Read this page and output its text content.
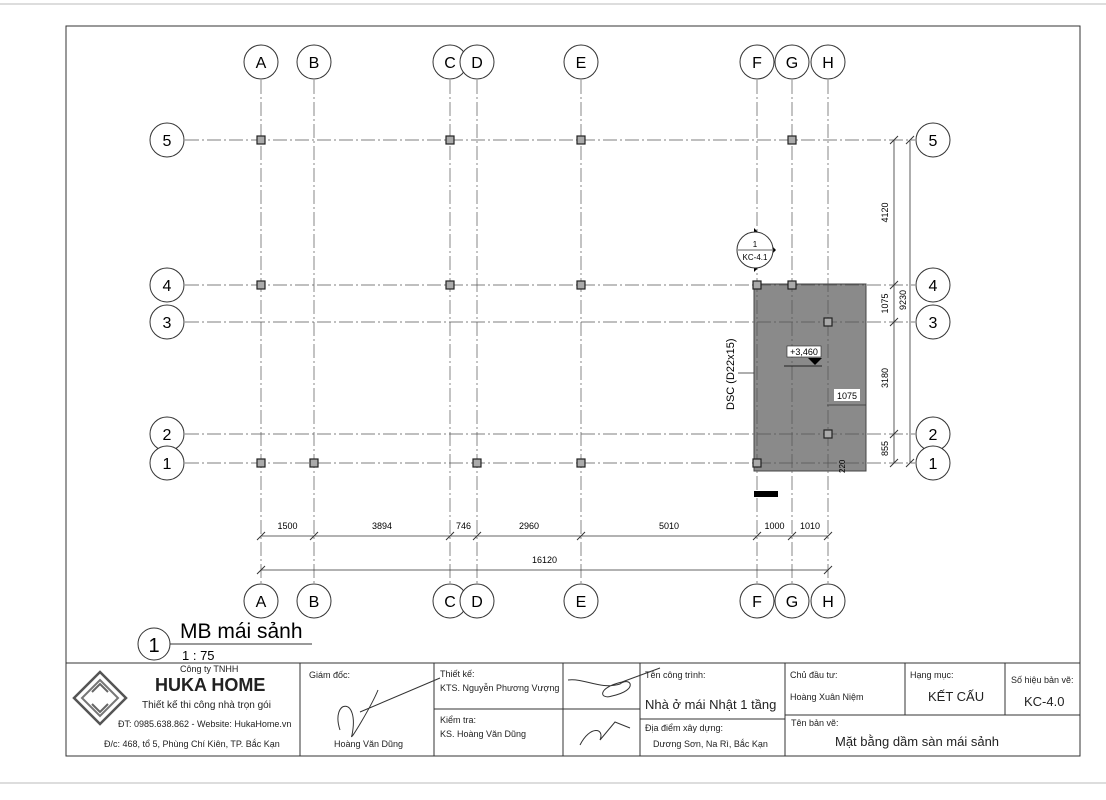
A
A
B
B
C
C
D
D
E
E
F
F
G
G
H
H
5	5
4	4
3	3
2	2
1	1
1500	3894	746	2960	5010	1000 1010
16120
4120
1075
3180
855
9230
+3,460
1075
220
DSC (D22x15)
1
KC-4.1
1
MB mái sảnh
1 : 75
Công ty TNHH
HUKA HOME
Thiết kế thi công nhà trọn gói
ĐT: 0985.638.862 - Website: HukaHome.vn
Đ/c: 468, tổ 5, Phùng Chí Kiên, TP. Bắc Kạn
Giám đốc:
Hoàng Văn Dũng
Thiết kế:
KTS. Nguyễn Phương Vượng
Kiểm tra:
KS. Hoàng Văn Dũng
Tên công trình:
Nhà ở mái Nhật 1 tầng
Địa điểm xây dựng:
Dương Sơn, Na Rì, Bắc Kạn
Chủ đầu tư:
Hoàng Xuân Niệm
Hạng mục:
KẾT CẤU
Số hiệu bản vẽ:
KC-4.0
Tên bản vẽ:
Mặt bằng dầm sàn mái sảnh
